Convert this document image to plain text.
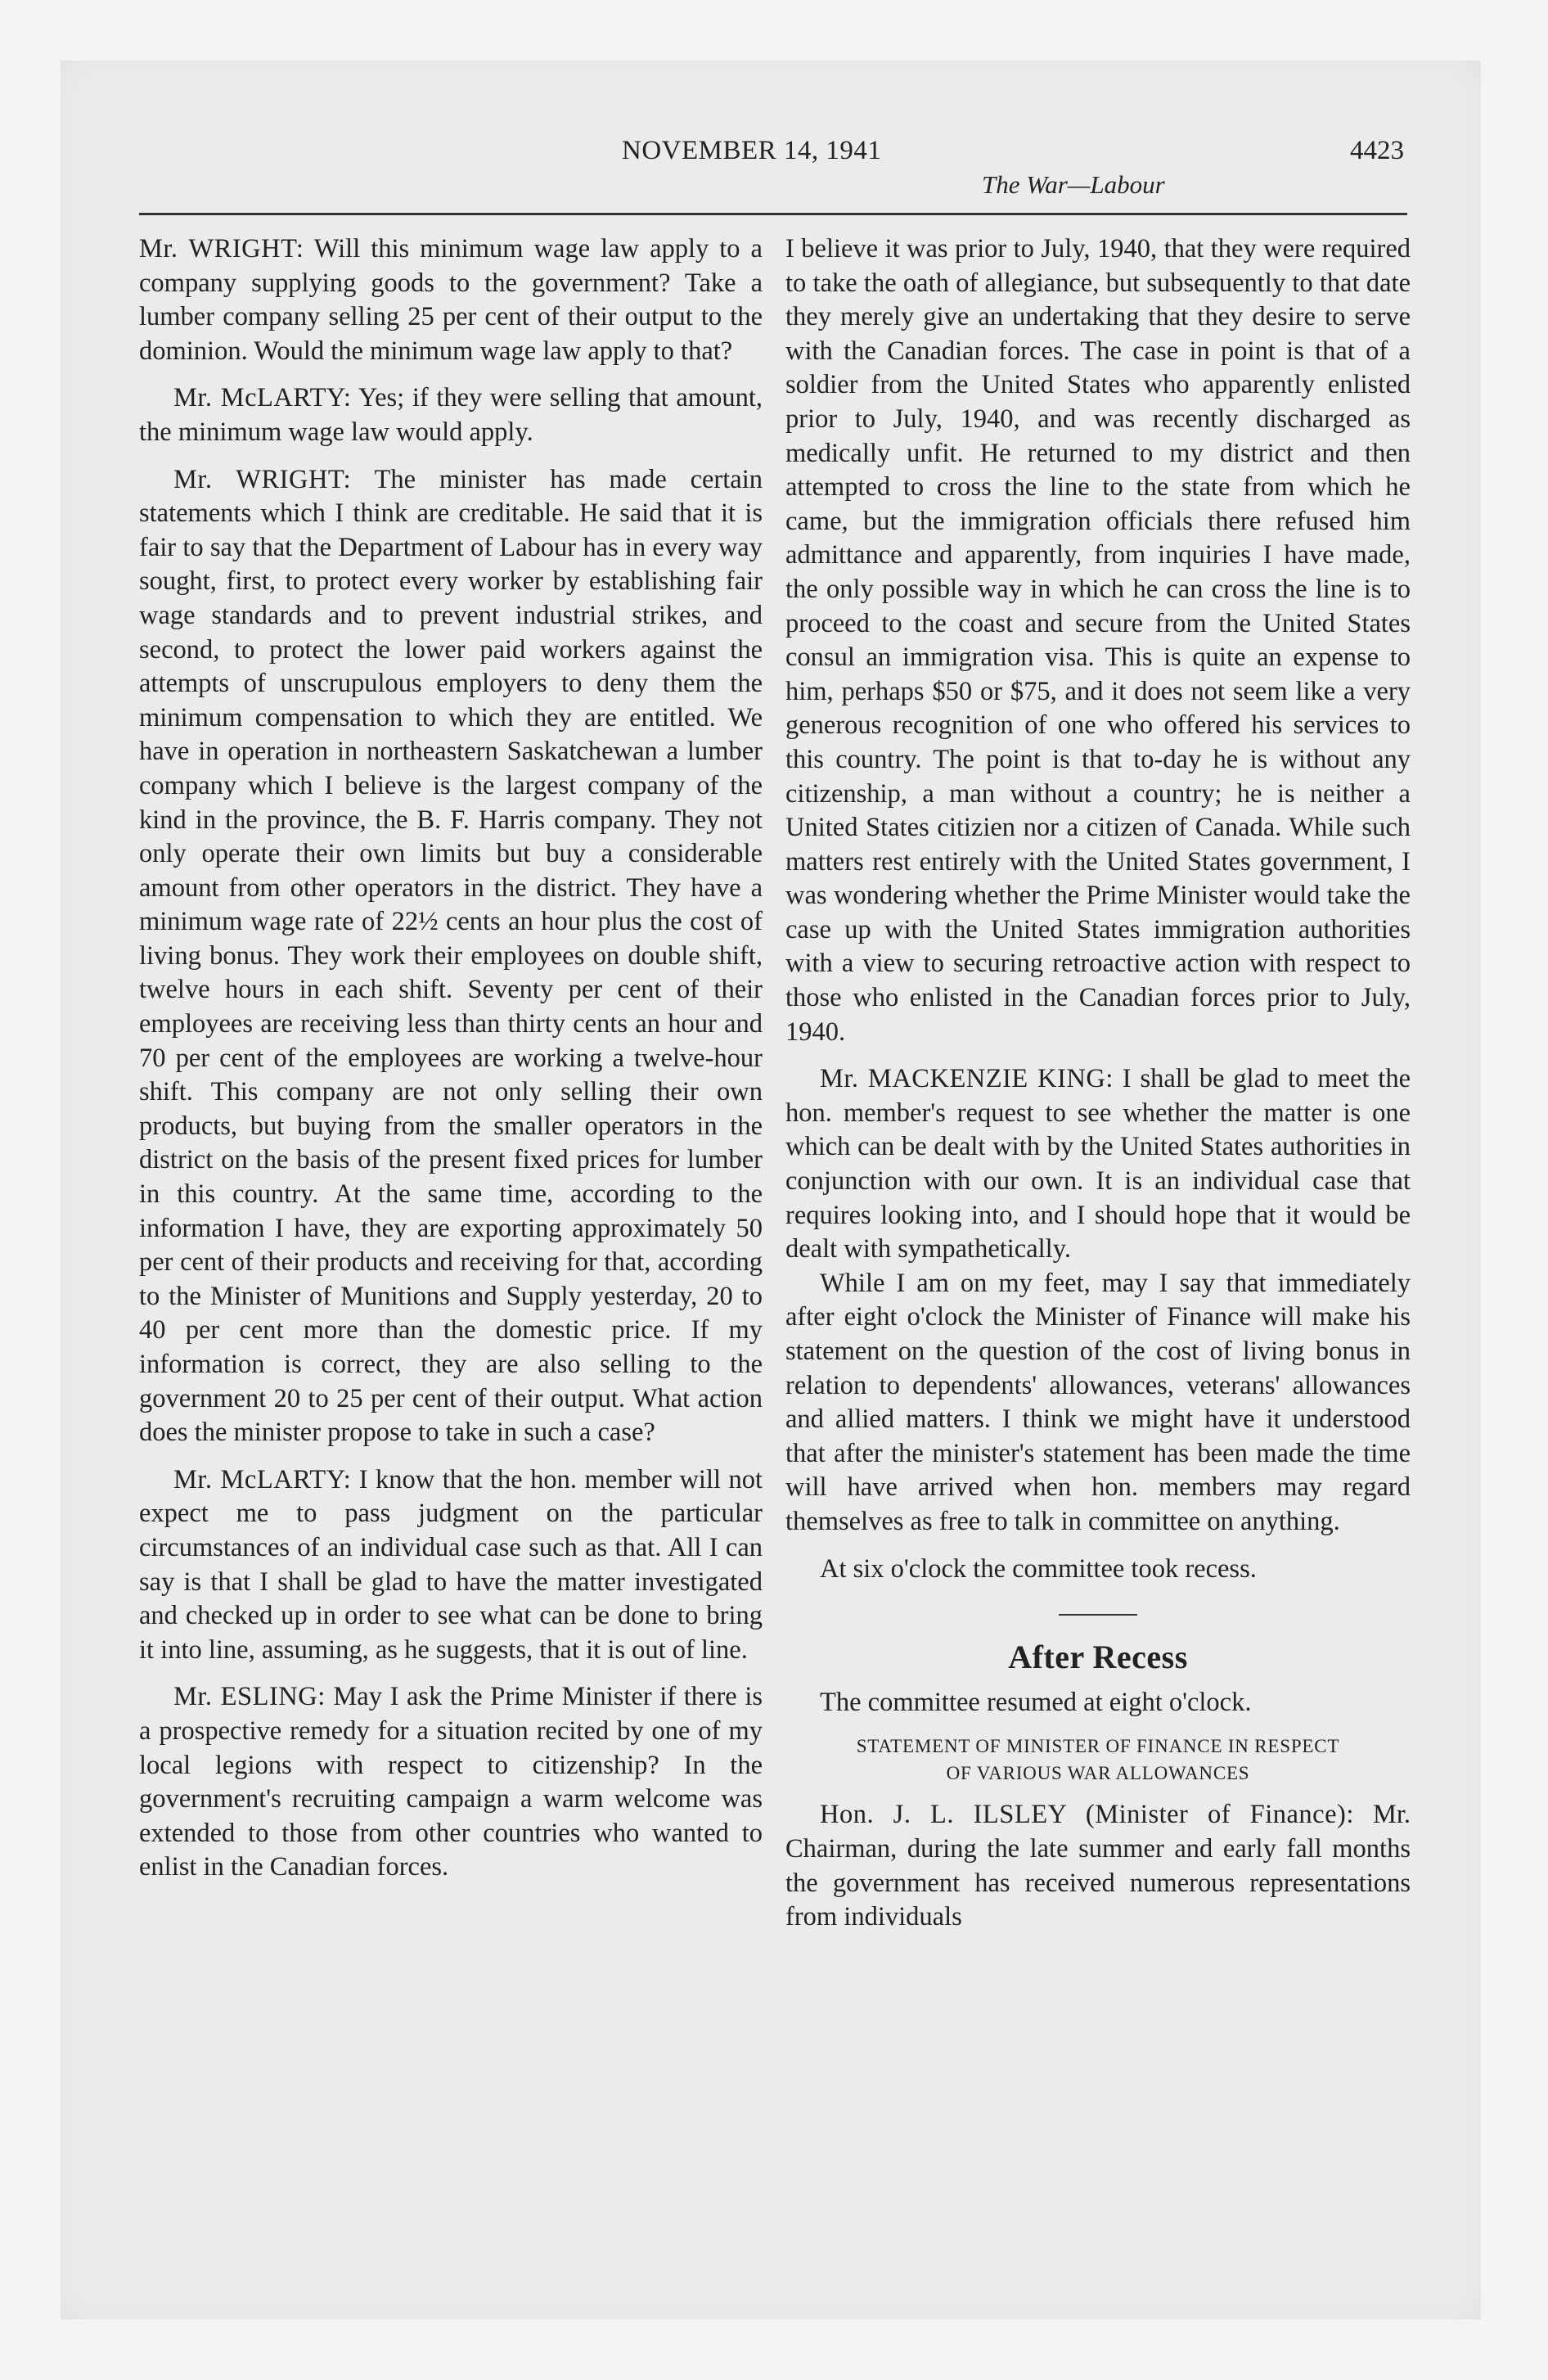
NOVEMBER 14, 1941	4423
The War—Labour

Mr. WRIGHT: Will this minimum wage law apply to a company supplying goods to the government? Take a lumber company selling 25 per cent of their output to the dominion. Would the minimum wage law apply to that?

Mr. McLARTY: Yes; if they were selling that amount, the minimum wage law would apply.

Mr. WRIGHT: The minister has made certain statements which I think are creditable. He said that it is fair to say that the Department of Labour has in every way sought, first, to protect every worker by establishing fair wage standards and to prevent industrial strikes, and second, to protect the lower paid workers against the attempts of unscrupulous employers to deny them the minimum compensation to which they are entitled. We have in operation in northeastern Saskatchewan a lumber company which I believe is the largest company of the kind in the province, the B. F. Harris company. They not only operate their own limits but buy a considerable amount from other operators in the district. They have a minimum wage rate of 22½ cents an hour plus the cost of living bonus. They work their employees on double shift, twelve hours in each shift. Seventy per cent of their employees are receiving less than thirty cents an hour and 70 per cent of the employees are working a twelve-hour shift. This company are not only selling their own products, but buying from the smaller operators in the district on the basis of the present fixed prices for lumber in this country. At the same time, according to the information I have, they are exporting approximately 50 per cent of their products and receiving for that, according to the Minister of Munitions and Supply yesterday, 20 to 40 per cent more than the domestic price. If my information is correct, they are also selling to the government 20 to 25 per cent of their output. What action does the minister propose to take in such a case?

Mr. McLARTY: I know that the hon. member will not expect me to pass judgment on the particular circumstances of an individual case such as that. All I can say is that I shall be glad to have the matter investigated and checked up in order to see what can be done to bring it into line, assuming, as he suggests, that it is out of line.

Mr. ESLING: May I ask the Prime Minister if there is a prospective remedy for a situation recited by one of my local legions with respect to citizenship? In the government's recruiting campaign a warm welcome was extended to those from other countries who wanted to enlist in the Canadian forces.

I believe it was prior to July, 1940, that they were required to take the oath of allegiance, but subsequently to that date they merely give an undertaking that they desire to serve with the Canadian forces. The case in point is that of a soldier from the United States who apparently enlisted prior to July, 1940, and was recently discharged as medically unfit. He returned to my district and then attempted to cross the line to the state from which he came, but the immigration officials there refused him admittance and apparently, from inquiries I have made, the only possible way in which he can cross the line is to proceed to the coast and secure from the United States consul an immigration visa. This is quite an expense to him, perhaps $50 or $75, and it does not seem like a very generous recognition of one who offered his services to this country. The point is that to-day he is without any citizenship, a man without a country; he is neither a United States citizien nor a citizen of Canada. While such matters rest entirely with the United States government, I was wondering whether the Prime Minister would take the case up with the United States immigration authorities with a view to securing retroactive action with respect to those who enlisted in the Canadian forces prior to July, 1940.

Mr. MACKENZIE KING: I shall be glad to meet the hon. member's request to see whether the matter is one which can be dealt with by the United States authorities in conjunction with our own. It is an individual case that requires looking into, and I should hope that it would be dealt with sympathetically.

While I am on my feet, may I say that immediately after eight o'clock the Minister of Finance will make his statement on the question of the cost of living bonus in relation to dependents' allowances, veterans' allowances and allied matters. I think we might have it understood that after the minister's statement has been made the time will have arrived when hon. members may regard themselves as free to talk in committee on anything.

At six o'clock the committee took recess.

After Recess

The committee resumed at eight o'clock.

STATEMENT OF MINISTER OF FINANCE IN RESPECT
OF VARIOUS WAR ALLOWANCES

Hon. J. L. ILSLEY (Minister of Finance): Mr. Chairman, during the late summer and early fall months the government has received numerous representations from individuals
